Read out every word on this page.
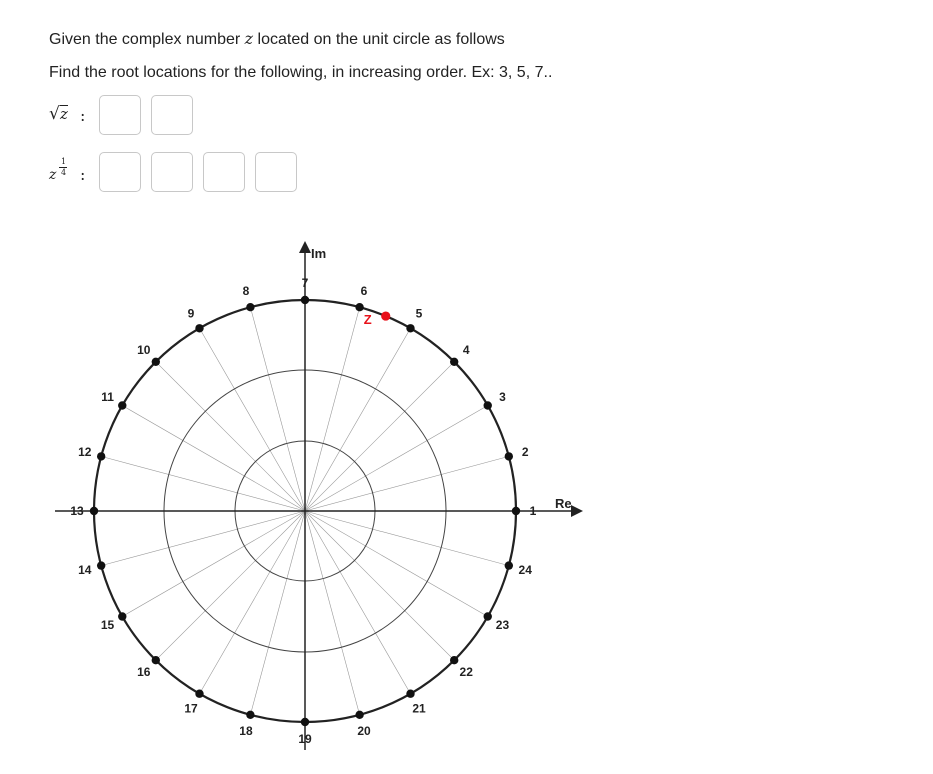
Given the complex number z located on the unit circle as follows
Find the root locations for the following, in increasing order. Ex: 3, 5, 7..
√ z :
z
1
4 :
Re
Im
1
2
3
4
5
6
7
8
9
10
11
12
13
14
15
16
17
18
19
20
21
22
23
24
Z
